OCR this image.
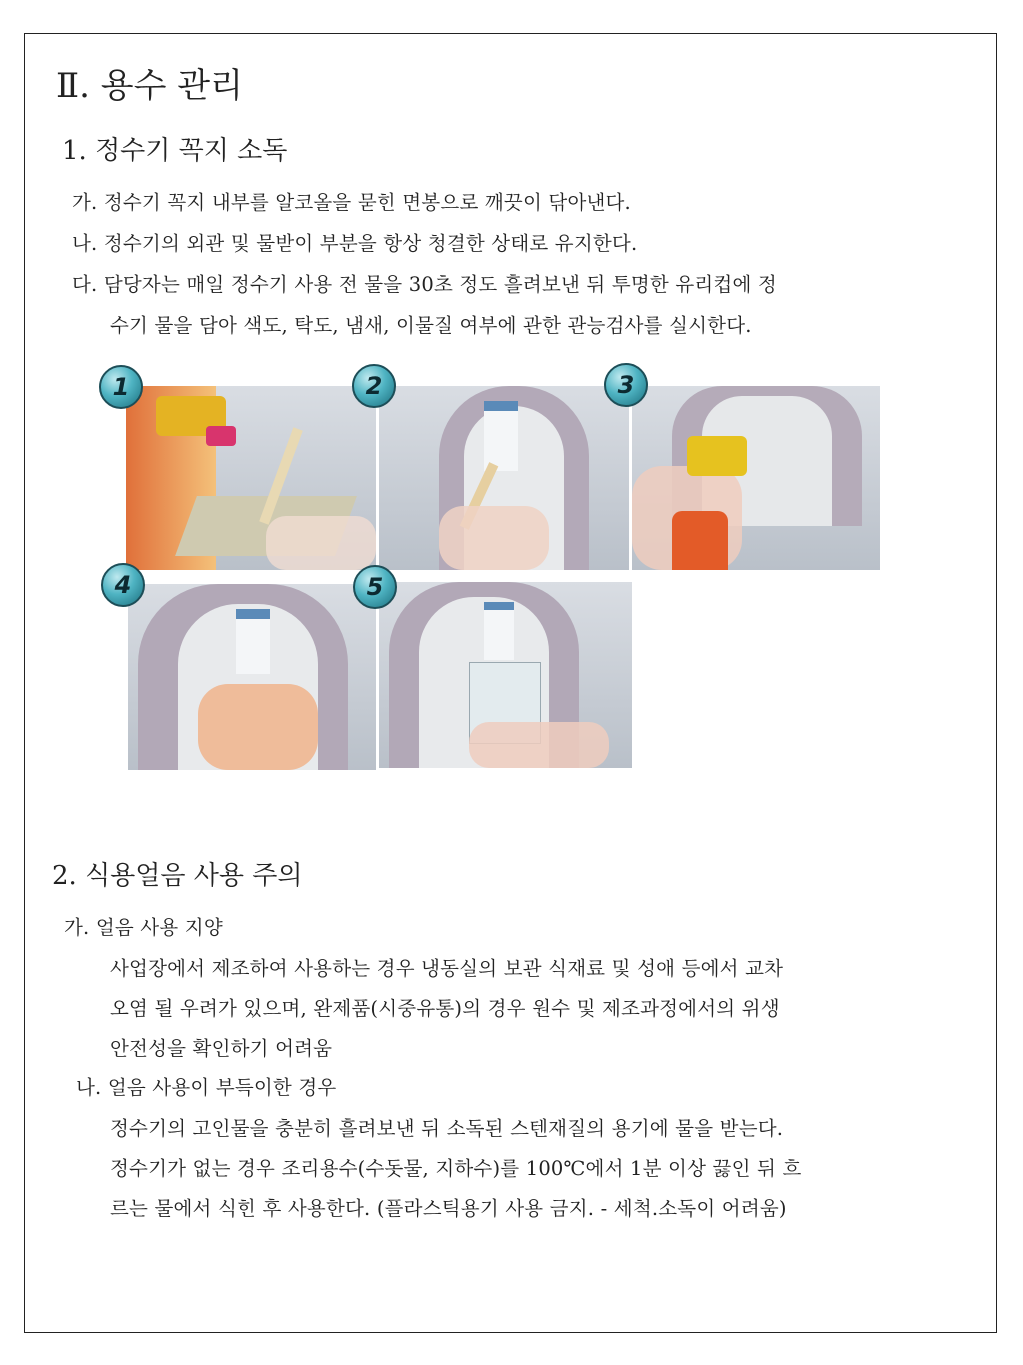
Ⅱ. 용수 관리
1. 정수기 꼭지 소독
가. 정수기 꼭지 내부를 알코올을 묻힌 면봉으로 깨끗이 닦아낸다.
나. 정수기의 외관 및 물받이 부분을 항상 청결한 상태로 유지한다.
다. 담당자는 매일 정수기 사용 전 물을 30초 정도 흘려보낸 뒤 투명한 유리컵에 정
수기 물을 담아 색도, 탁도, 냄새, 이물질 여부에 관한 관능검사를 실시한다.
1	2	3
4	5
2. 식용얼음 사용 주의
가. 얼음 사용 지양
사업장에서 제조하여 사용하는 경우 냉동실의 보관 식재료 및 성애 등에서 교차
오염 될 우려가 있으며, 완제품(시중유통)의 경우 원수 및 제조과정에서의 위생
안전성을 확인하기 어려움
나. 얼음 사용이 부득이한 경우
정수기의 고인물을 충분히 흘려보낸 뒤 소독된 스텐재질의 용기에 물을 받는다.
정수기가 없는 경우 조리용수(수돗물, 지하수)를 100℃에서 1분 이상 끓인 뒤 흐
르는 물에서 식힌 후 사용한다. (플라스틱용기 사용 금지. - 세척.소독이 어려움)
